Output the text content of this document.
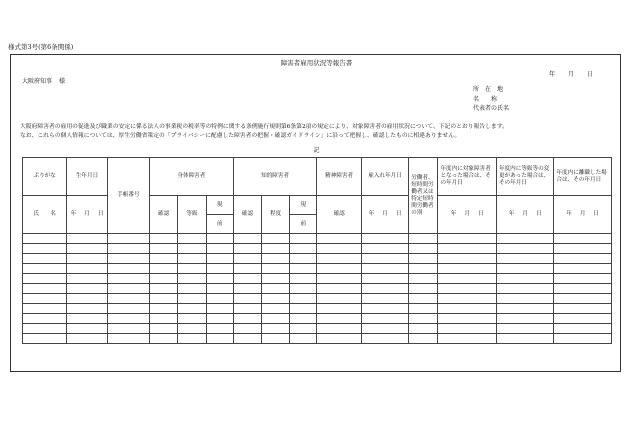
様式第3号(第6条関係)
障害者雇用状況等報告書
年 月 日
大阪府知事 様
所　在　地
名　　称
代表者の氏名

大阪府障害者の雇用の促進及び職業の安定に係る法人の事業税の税率等の特例に関する条例施行規則第6条第2項の規定により、対象障害者の雇用状況について、下記のとおり報告します。

なお、これらの個人情報については、厚生労働省策定の「プライバシーに配慮した障害者の把握・確認ガイドライン」に沿って把握し、確認したものに相違ありません。

記
ぷりがな	生年月日	手帳番号	身体障害者			知的障害者			精神障害者	雇入れ年月日	労働者、短時間労働者又は特定短時間労働者の別	年度内に対象障害者となった場合は、その年月日	年度内に等級等の変更があった場合は、その年月日	年度内に離職した場合は、その年月日

氏　　名	年 月 日		確認	等級	現	確認	程度	現	確認	年 月 日		年 月 日	年 月 日	年 月 日
					前			前						
